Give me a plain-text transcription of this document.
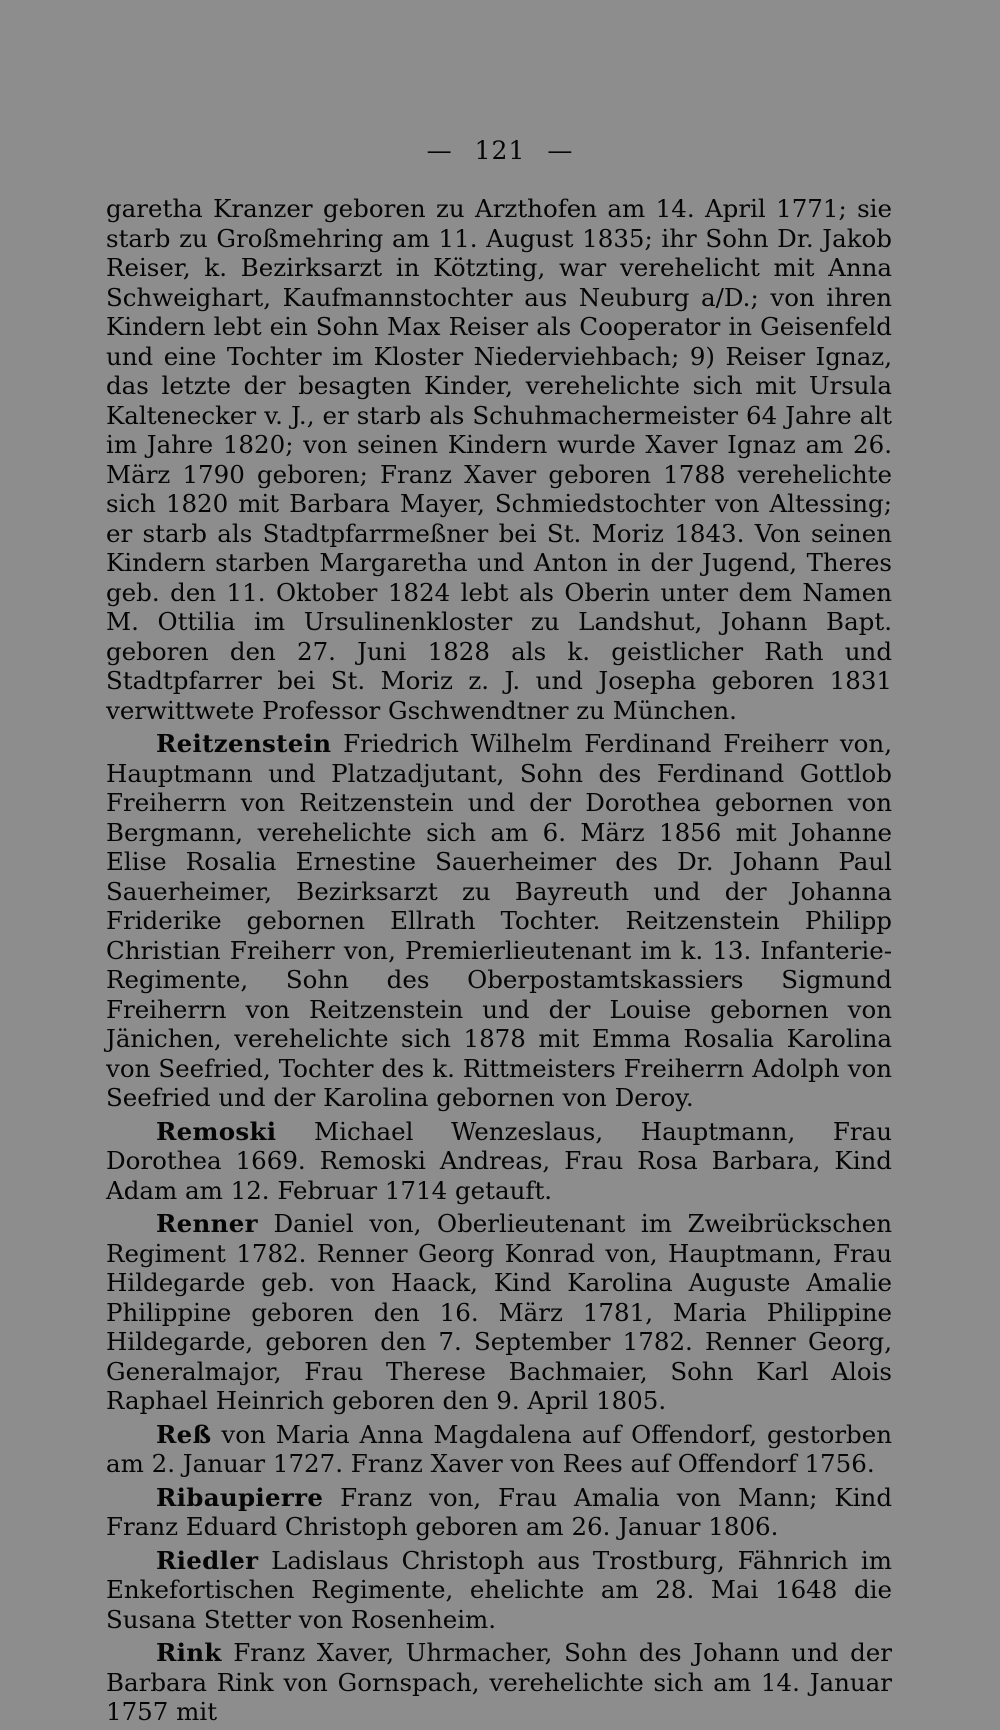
— 121 —

garetha Kranzer geboren zu Arzthofen am 14. April 1771; sie starb zu Großmehring am 11. August 1835; ihr Sohn Dr. Jakob Reiser, k. Bezirksarzt in Kötzting, war verehelicht mit Anna Schweighart, Kaufmannstochter aus Neuburg a/D.; von ihren Kindern lebt ein Sohn Max Reiser als Cooperator in Geisenfeld und eine Tochter im Kloster Niederviehbach; 9) Reiser Ignaz, das letzte der besagten Kinder, verehelichte sich mit Ursula Kaltenecker v. J., er starb als Schuhmachermeister 64 Jahre alt im Jahre 1820; von seinen Kindern wurde Xaver Ignaz am 26. März 1790 geboren; Franz Xaver geboren 1788 verehelichte sich 1820 mit Barbara Mayer, Schmiedstochter von Altessing; er starb als Stadtpfarrmeßner bei St. Moriz 1843. Von seinen Kindern starben Margaretha und Anton in der Jugend, Theres geb. den 11. Oktober 1824 lebt als Oberin unter dem Namen M. Ottilia im Ursulinenkloster zu Landshut, Johann Bapt. geboren den 27. Juni 1828 als k. geistlicher Rath und Stadtpfarrer bei St. Moriz z. J. und Josepha geboren 1831 verwittwete Professor Gschwendtner zu München.

Reitzenstein Friedrich Wilhelm Ferdinand Freiherr von, Hauptmann und Platzadjutant, Sohn des Ferdinand Gottlob Freiherrn von Reitzenstein und der Dorothea gebornen von Bergmann, verehelichte sich am 6. März 1856 mit Johanne Elise Rosalia Ernestine Sauerheimer des Dr. Johann Paul Sauerheimer, Bezirksarzt zu Bayreuth und der Johanna Friderike gebornen Ellrath Tochter. Reitzenstein Philipp Christian Freiherr von, Premierlieutenant im k. 13. Infanterie-Regimente, Sohn des Oberpostamtskassiers Sigmund Freiherrn von Reitzenstein und der Louise gebornen von Jänichen, verehelichte sich 1878 mit Emma Rosalia Karolina von Seefried, Tochter des k. Rittmeisters Freiherrn Adolph von Seefried und der Karolina gebornen von Deroy.

Remoski Michael Wenzeslaus, Hauptmann, Frau Dorothea 1669. Remoski Andreas, Frau Rosa Barbara, Kind Adam am 12. Februar 1714 getauft.

Renner Daniel von, Oberlieutenant im Zweibrückschen Regiment 1782. Renner Georg Konrad von, Hauptmann, Frau Hildegarde geb. von Haack, Kind Karolina Auguste Amalie Philippine geboren den 16. März 1781, Maria Philippine Hildegarde, geboren den 7. September 1782. Renner Georg, Generalmajor, Frau Therese Bachmaier, Sohn Karl Alois Raphael Heinrich geboren den 9. April 1805.

Reß von Maria Anna Magdalena auf Offendorf, gestorben am 2. Januar 1727. Franz Xaver von Rees auf Offendorf 1756.

Ribaupierre Franz von, Frau Amalia von Mann; Kind Franz Eduard Christoph geboren am 26. Januar 1806.

Riedler Ladislaus Christoph aus Trostburg, Fähnrich im Enkefortischen Regimente, ehelichte am 28. Mai 1648 die Susana Stetter von Rosenheim.

Rink Franz Xaver, Uhrmacher, Sohn des Johann und der Barbara Rink von Gornspach, verehelichte sich am 14. Januar 1757 mit
